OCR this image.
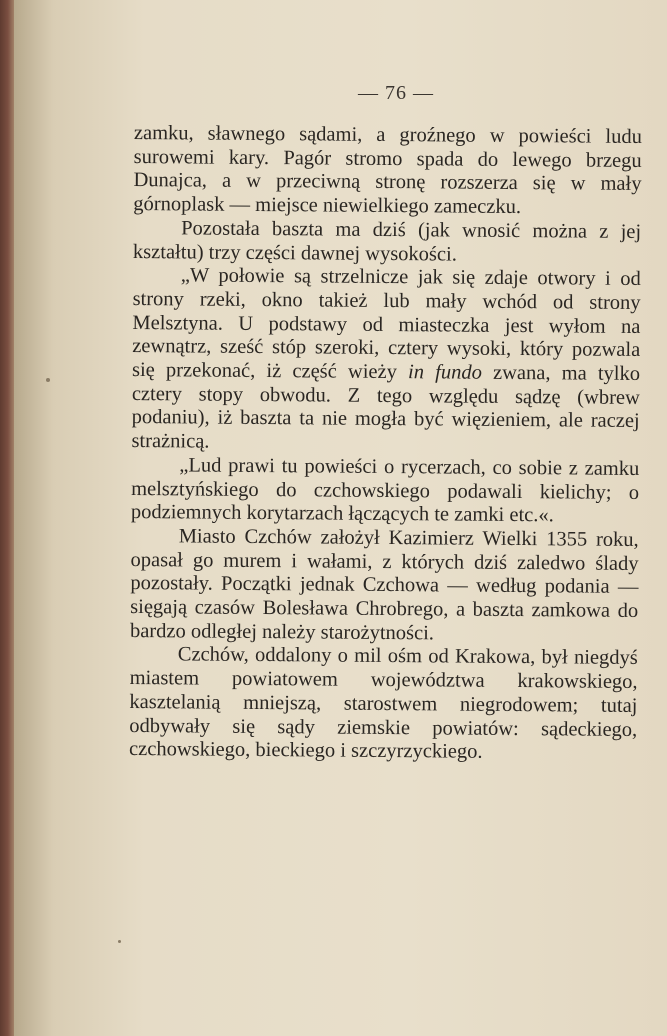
— 76 —

zamku, sławnego sądami, a groźnego w powieści ludu surowemi kary. Pagór stromo spada do lewego brzegu Dunajca, a w przeciwną stronę rozszerza się w mały górnoplask — miejsce niewielkiego zameczku.

Pozostała baszta ma dziś (jak wnosić można z jej kształtu) trzy części dawnej wysokości.

„W połowie są strzelnicze jak się zdaje otwory i od strony rzeki, okno takież lub mały wchód od strony Melsztyna. U podstawy od miasteczka jest wyłom na zewnątrz, sześć stóp szeroki, cztery wysoki, który pozwala się przekonać, iż część wieży in fundo zwana, ma tylko cztery stopy obwodu. Z tego względu sądzę (wbrew podaniu), iż baszta ta nie mogła być więzieniem, ale raczej strażnicą.

„Lud prawi tu powieści o rycerzach, co sobie z zamku melsztyńskiego do czchowskiego podawali kielichy; o podziemnych korytarzach łączących te zamki etc.«.

Miasto Czchów założył Kazimierz Wielki 1355 roku, opasał go murem i wałami, z których dziś zaledwo ślady pozostały. Początki jednak Czchowa — według podania — sięgają czasów Bolesława Chrobrego, a baszta zamkowa do bardzo odległej należy starożytności.

Czchów, oddalony o mil ośm od Krakowa, był niegdyś miastem powiatowem województwa krakowskiego, kasztelanią mniejszą, starostwem niegrodowem; tutaj odbywały się sądy ziemskie powiatów: sądeckiego, czchowskiego, bieckiego i szczyrzyckiego.
